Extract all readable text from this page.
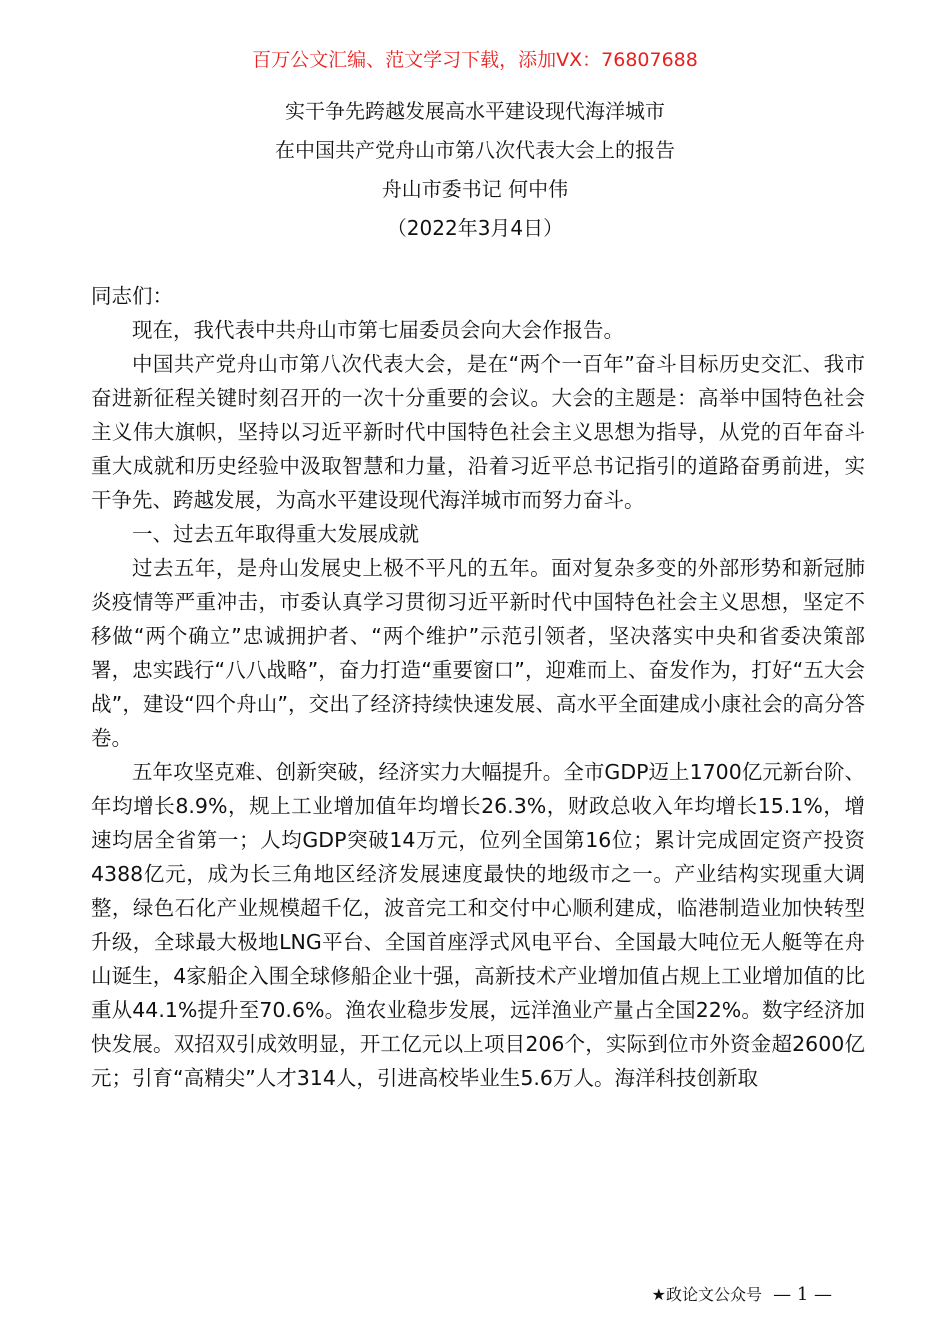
百万公文汇编、范文学习下载，添加VX：76807688
实干争先跨越发展高水平建设现代海洋城市
在中国共产党舟山市第八次代表大会上的报告
舟山市委书记 何中伟
（2022年3月4日）

同志们：

现在，我代表中共舟山市第七届委员会向大会作报告。

中国共产党舟山市第八次代表大会，是在“两个一百年”奋斗目标历史交汇、我市奋进新征程关键时刻召开的一次十分重要的会议。大会的主题是：高举中国特色社会主义伟大旗帜，坚持以习近平新时代中国特色社会主义思想为指导，从党的百年奋斗重大成就和历史经验中汲取智慧和力量，沿着习近平总书记指引的道路奋勇前进，实干争先、跨越发展，为高水平建设现代海洋城市而努力奋斗。

一、过去五年取得重大发展成就

过去五年，是舟山发展史上极不平凡的五年。面对复杂多变的外部形势和新冠肺炎疫情等严重冲击，市委认真学习贯彻习近平新时代中国特色社会主义思想，坚定不移做“两个确立”忠诚拥护者、“两个维护”示范引领者，坚决落实中央和省委决策部署，忠实践行“八八战略”，奋力打造“重要窗口”，迎难而上、奋发作为，打好“五大会战”，建设“四个舟山”，交出了经济持续快速发展、高水平全面建成小康社会的高分答卷。

五年攻坚克难、创新突破，经济实力大幅提升。全市GDP迈上1700亿元新台阶、年均增长8.9%，规上工业增加值年均增长26.3%，财政总收入年均增长15.1%，增速均居全省第一；人均GDP突破14万元，位列全国第16位；累计完成固定资产投资4388亿元，成为长三角地区经济发展速度最快的地级市之一。产业结构实现重大调整，绿色石化产业规模超千亿，波音完工和交付中心顺利建成，临港制造业加快转型升级，全球最大极地LNG平台、全国首座浮式风电平台、全国最大吨位无人艇等在舟山诞生，4家船企入围全球修船企业十强，高新技术产业增加值占规上工业增加值的比重从44.1%提升至70.6%。渔农业稳步发展，远洋渔业产量占全国22%。数字经济加快发展。双招双引成效明显，开工亿元以上项目206个，实际到位市外资金超2600亿元；引育“高精尖”人才314人，引进高校毕业生5.6万人。海洋科技创新取

★政论文公众号 — 1 —
